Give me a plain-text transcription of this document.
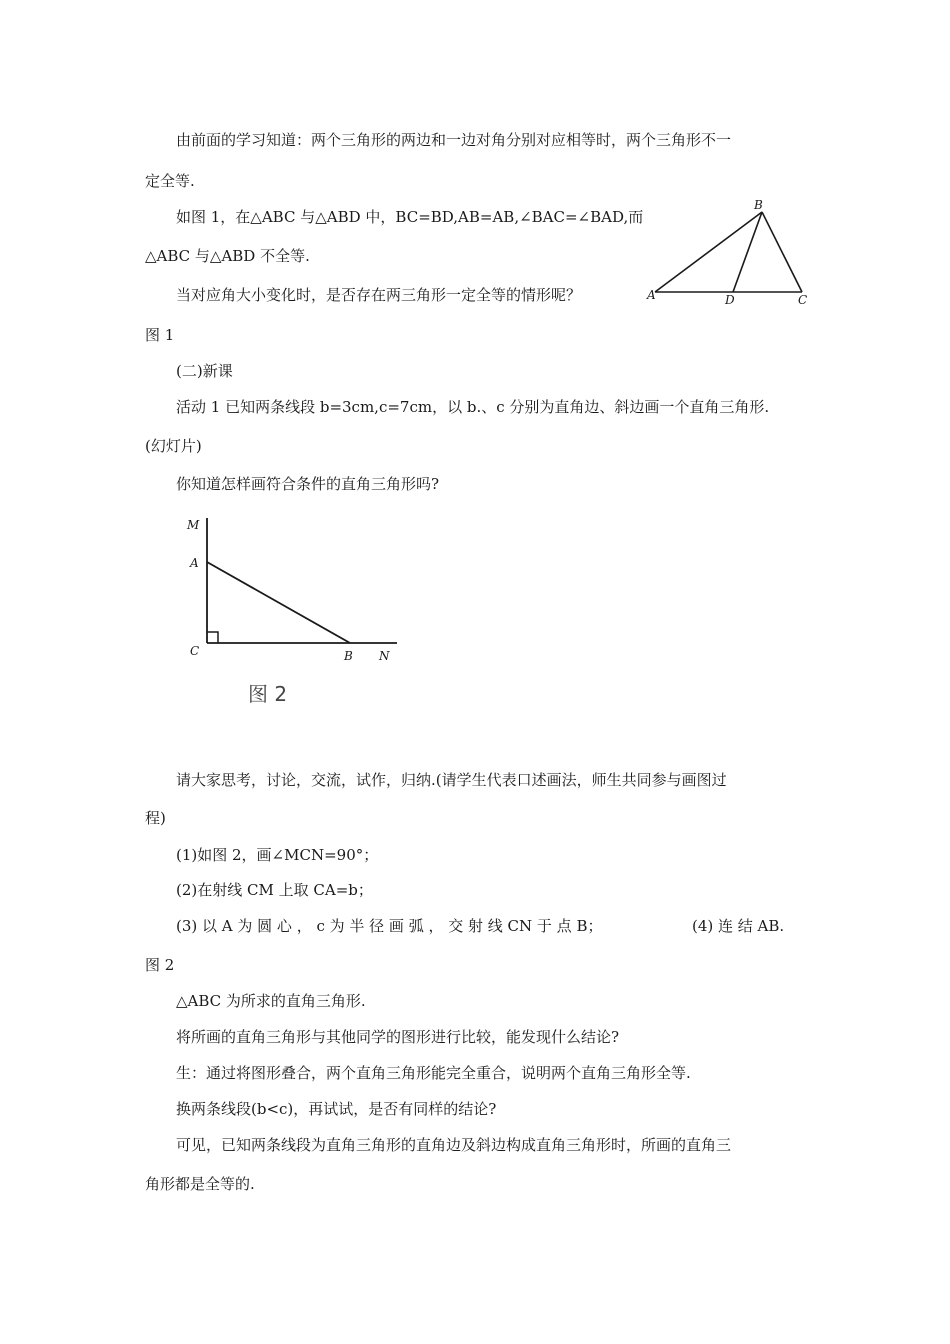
由前面的学习知道：两个三角形的两边和一边对角分别对应相等时，两个三角形不一
定全等.
如图 1，在△ABC 与△ABD 中，BC=BD,AB=AB,∠BAC=∠BAD,而
△ABC 与△ABD 不全等.
B
A	D	C
当对应角大小变化时，是否存在两三角形一定全等的情形呢？
图 1
(二)新课
活动 1 已知两条线段 b=3cm,c=7cm，以 b.、c 分别为直角边、斜边画一个直角三角形.
(幻灯片)
你知道怎样画符合条件的直角三角形吗?
M
A
C	B N
图 2
请大家思考，讨论，交流，试作，归纳.(请学生代表口述画法，师生共同参与画图过
程)
(1)如图 2，画∠MCN=90°；
(2)在射线 CM 上取 CA=b；
(3) 以 A 为 圆 心 ， c 为 半 径 画 弧 ， 交 射 线 CN 于 点 B；	(4) 连 结 AB.
图 2
△ABC 为所求的直角三角形.
将所画的直角三角形与其他同学的图形进行比较，能发现什么结论?
生：通过将图形叠合，两个直角三角形能完全重合，说明两个直角三角形全等.
换两条线段(b<c)，再试试，是否有同样的结论?
可见，已知两条线段为直角三角形的直角边及斜边构成直角三角形时，所画的直角三
角形都是全等的.
